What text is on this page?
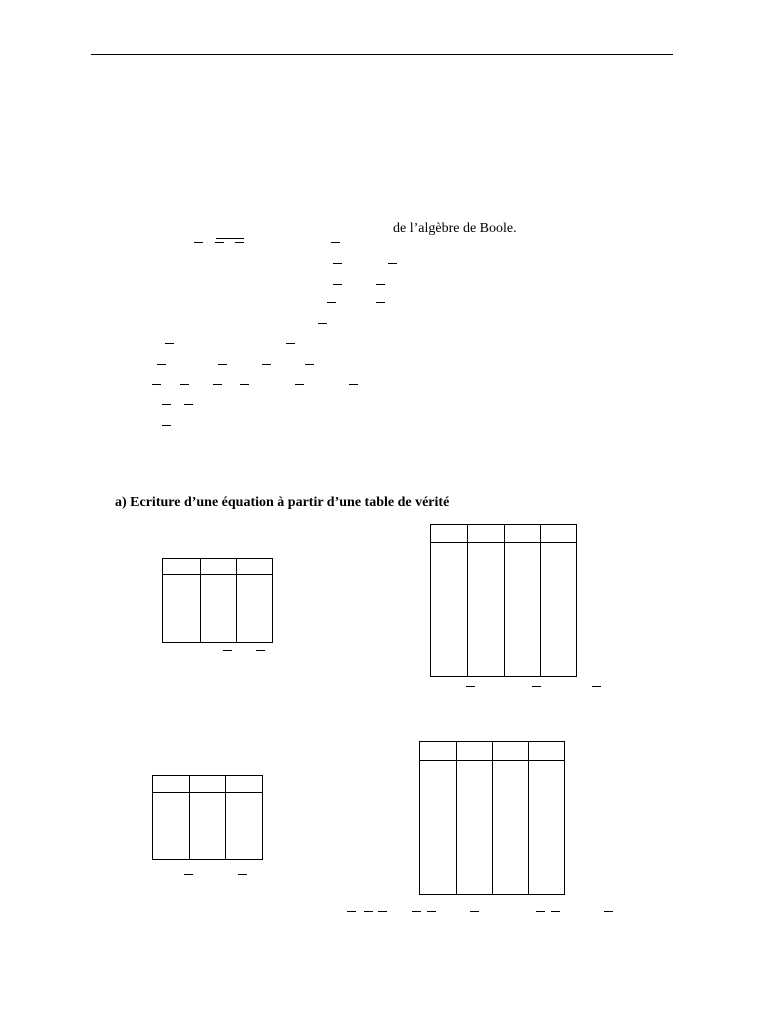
de l’algèbre de Boole.
a) Ecriture d’une équation à partir d’une table de vérité
